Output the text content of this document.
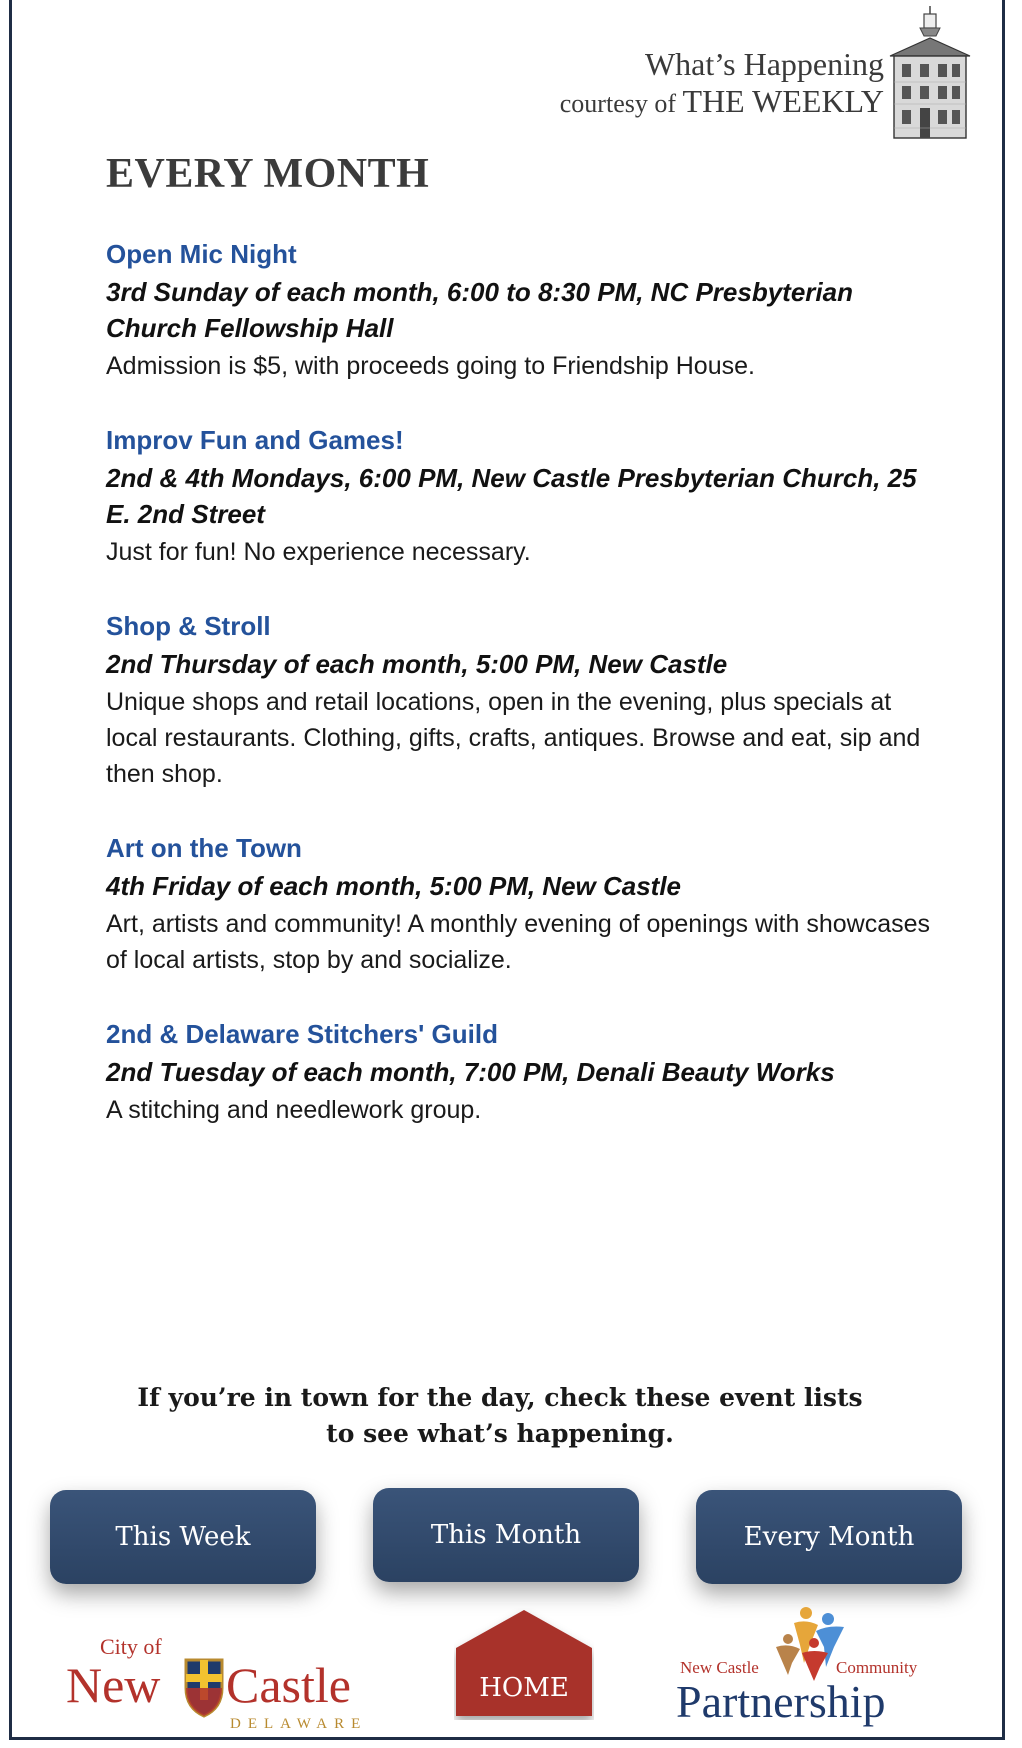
What’s Happening
courtesy of THE WEEKLY
EVERY MONTH
Open Mic Night
3rd Sunday of each month, 6:00 to 8:30 PM, NC Presbyterian Church Fellowship Hall
Admission is $5, with proceeds going to Friendship House.
Improv Fun and Games!
2nd & 4th Mondays, 6:00 PM, New Castle Presbyterian Church, 25 E. 2nd Street
Just for fun! No experience necessary.
Shop & Stroll
2nd Thursday of each month, 5:00 PM, New Castle
Unique shops and retail locations, open in the evening, plus specials at local restaurants. Clothing, gifts, crafts, antiques. Browse and eat, sip and then shop.
Art on the Town
4th Friday of each month, 5:00 PM, New Castle
Art, artists and community! A monthly evening of openings with showcases of local artists, stop by and socialize.
2nd & Delaware Stitchers' Guild
2nd Tuesday of each month, 7:00 PM, Denali Beauty Works
A stitching and needlework group.
If you’re in town for the day, check these event lists
to see what’s happening.
This Week	This Month	Every Month
City of
New Castle
DELAWARE
HOME
New Castle	Community
Partnership
